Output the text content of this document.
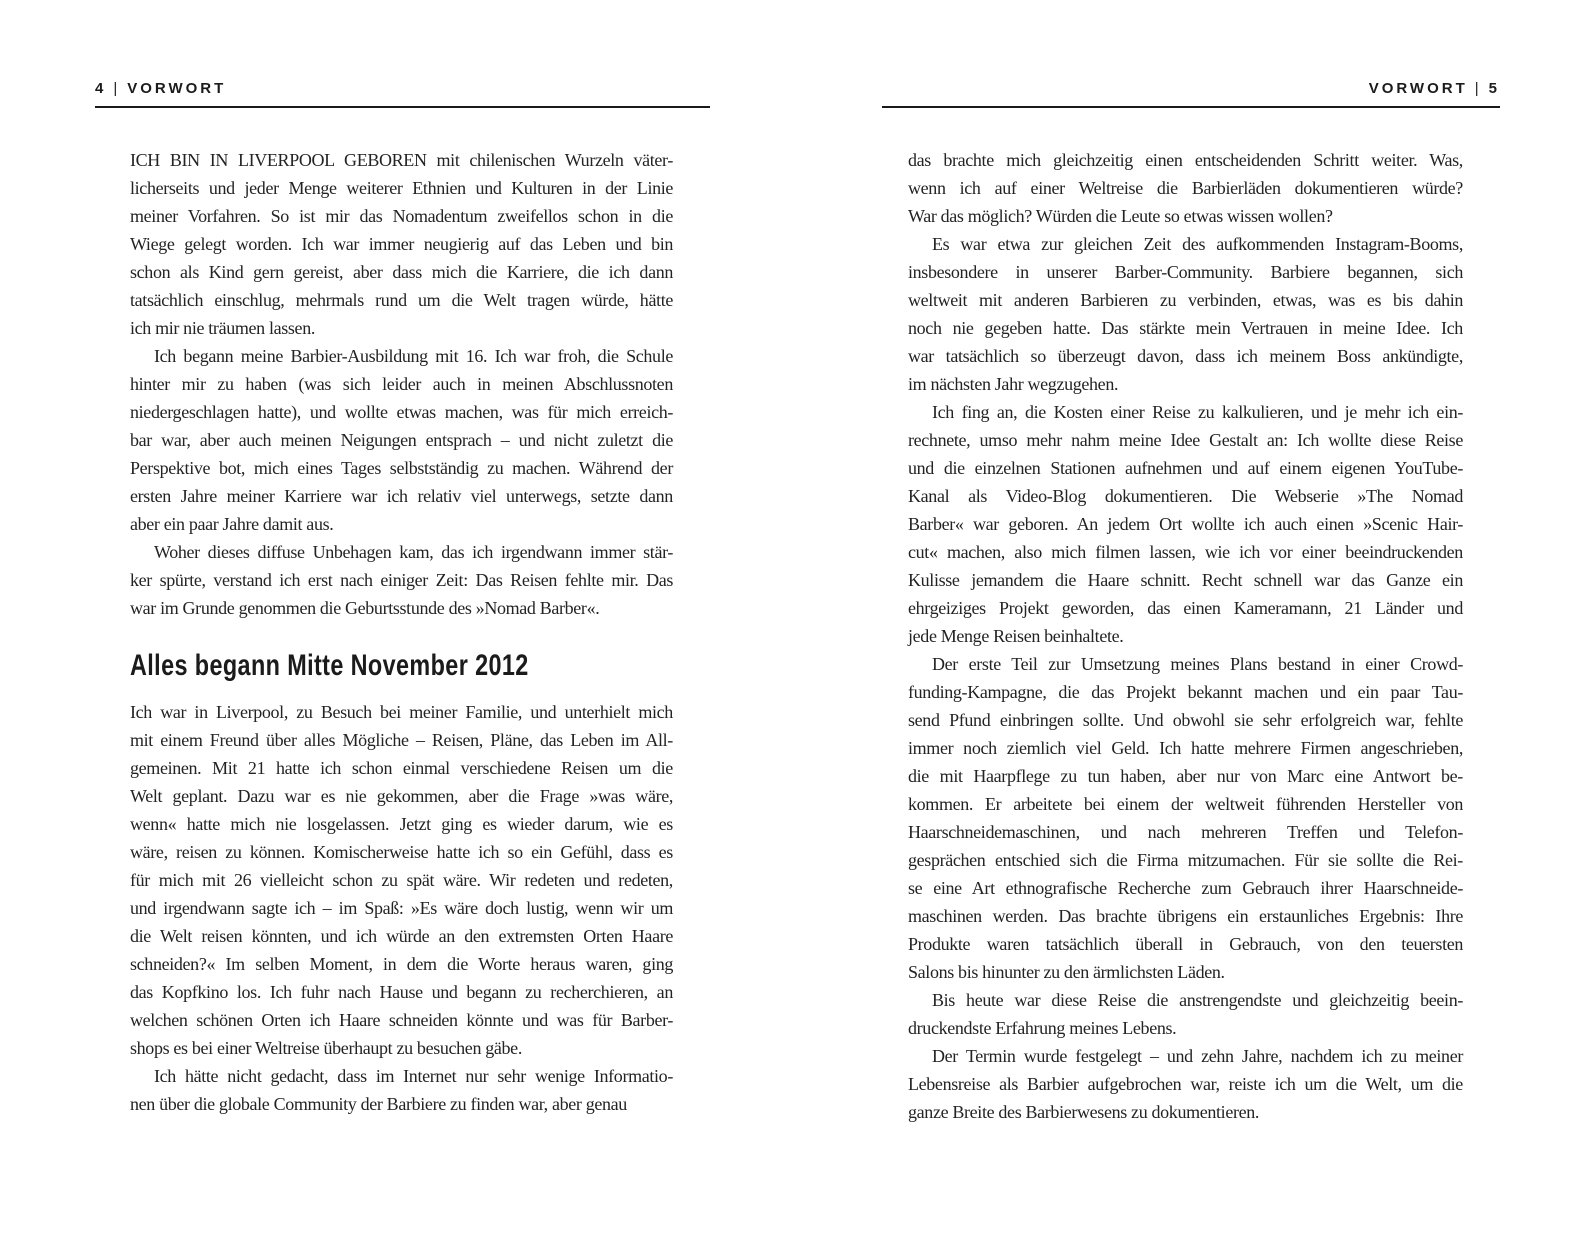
4 | VORWORT	VORWORT | 5
ICH BIN IN LIVERPOOL GEBOREN mit chilenischen Wurzeln väter-
licherseits und jeder Menge weiterer Ethnien und Kulturen in der Linie
meiner Vorfahren. So ist mir das Nomadentum zweifellos schon in die
Wiege gelegt worden. Ich war immer neugierig auf das Leben und bin
schon als Kind gern gereist, aber dass mich die Karriere, die ich dann
tatsächlich einschlug, mehrmals rund um die Welt tragen würde, hätte
ich mir nie träumen lassen.
Ich begann meine Barbier-Ausbildung mit 16. Ich war froh, die Schule
hinter mir zu haben (was sich leider auch in meinen Abschlussnoten
niedergeschlagen hatte), und wollte etwas machen, was für mich erreich-
bar war, aber auch meinen Neigungen entsprach – und nicht zuletzt die
Perspektive bot, mich eines Tages selbstständig zu machen. Während der
ersten Jahre meiner Karriere war ich relativ viel unterwegs, setzte dann
aber ein paar Jahre damit aus.
Woher dieses diffuse Unbehagen kam, das ich irgendwann immer stär-
ker spürte, verstand ich erst nach einiger Zeit: Das Reisen fehlte mir. Das
war im Grunde genommen die Geburtsstunde des »Nomad Barber«.
Alles begann Mitte November 2012
Ich war in Liverpool, zu Besuch bei meiner Familie, und unterhielt mich
mit einem Freund über alles Mögliche – Reisen, Pläne, das Leben im All-
gemeinen. Mit 21 hatte ich schon einmal verschiedene Reisen um die
Welt geplant. Dazu war es nie gekommen, aber die Frage »was wäre,
wenn« hatte mich nie losgelassen. Jetzt ging es wieder darum, wie es
wäre, reisen zu können. Komischerweise hatte ich so ein Gefühl, dass es
für mich mit 26 vielleicht schon zu spät wäre. Wir redeten und redeten,
und irgendwann sagte ich – im Spaß: »Es wäre doch lustig, wenn wir um
die Welt reisen könnten, und ich würde an den extremsten Orten Haare
schneiden?« Im selben Moment, in dem die Worte heraus waren, ging
das Kopfkino los. Ich fuhr nach Hause und begann zu recherchieren, an
welchen schönen Orten ich Haare schneiden könnte und was für Barber-
shops es bei einer Weltreise überhaupt zu besuchen gäbe.
Ich hätte nicht gedacht, dass im Internet nur sehr wenige Informatio-
nen über die globale Community der Barbiere zu finden war, aber genau
das brachte mich gleichzeitig einen entscheidenden Schritt weiter. Was,
wenn ich auf einer Weltreise die Barbierläden dokumentieren würde?
War das möglich? Würden die Leute so etwas wissen wollen?
Es war etwa zur gleichen Zeit des aufkommenden Instagram-Booms,
insbesondere in unserer Barber-Community. Barbiere begannen, sich
weltweit mit anderen Barbieren zu verbinden, etwas, was es bis dahin
noch nie gegeben hatte. Das stärkte mein Vertrauen in meine Idee. Ich
war tatsächlich so überzeugt davon, dass ich meinem Boss ankündigte,
im nächsten Jahr wegzugehen.
Ich fing an, die Kosten einer Reise zu kalkulieren, und je mehr ich ein-
rechnete, umso mehr nahm meine Idee Gestalt an: Ich wollte diese Reise
und die einzelnen Stationen aufnehmen und auf einem eigenen YouTube-
Kanal als Video-Blog dokumentieren. Die Webserie »The Nomad
Barber« war geboren. An jedem Ort wollte ich auch einen »Scenic Hair-
cut« machen, also mich filmen lassen, wie ich vor einer beeindruckenden
Kulisse jemandem die Haare schnitt. Recht schnell war das Ganze ein
ehrgeiziges Projekt geworden, das einen Kameramann, 21 Länder und
jede Menge Reisen beinhaltete.
Der erste Teil zur Umsetzung meines Plans bestand in einer Crowd-
funding-Kampagne, die das Projekt bekannt machen und ein paar Tau-
send Pfund einbringen sollte. Und obwohl sie sehr erfolgreich war, fehlte
immer noch ziemlich viel Geld. Ich hatte mehrere Firmen angeschrieben,
die mit Haarpflege zu tun haben, aber nur von Marc eine Antwort be-
kommen. Er arbeitete bei einem der weltweit führenden Hersteller von
Haarschneidemaschinen, und nach mehreren Treffen und Telefon-
gesprächen entschied sich die Firma mitzumachen. Für sie sollte die Rei-
se eine Art ethnografische Recherche zum Gebrauch ihrer Haarschneide-
maschinen werden. Das brachte übrigens ein erstaunliches Ergebnis: Ihre
Produkte waren tatsächlich überall in Gebrauch, von den teuersten
Salons bis hinunter zu den ärmlichsten Läden.
Bis heute war diese Reise die anstrengendste und gleichzeitig beein-
druckendste Erfahrung meines Lebens.
Der Termin wurde festgelegt – und zehn Jahre, nachdem ich zu meiner
Lebensreise als Barbier aufgebrochen war, reiste ich um die Welt, um die
ganze Breite des Barbierwesens zu dokumentieren.
